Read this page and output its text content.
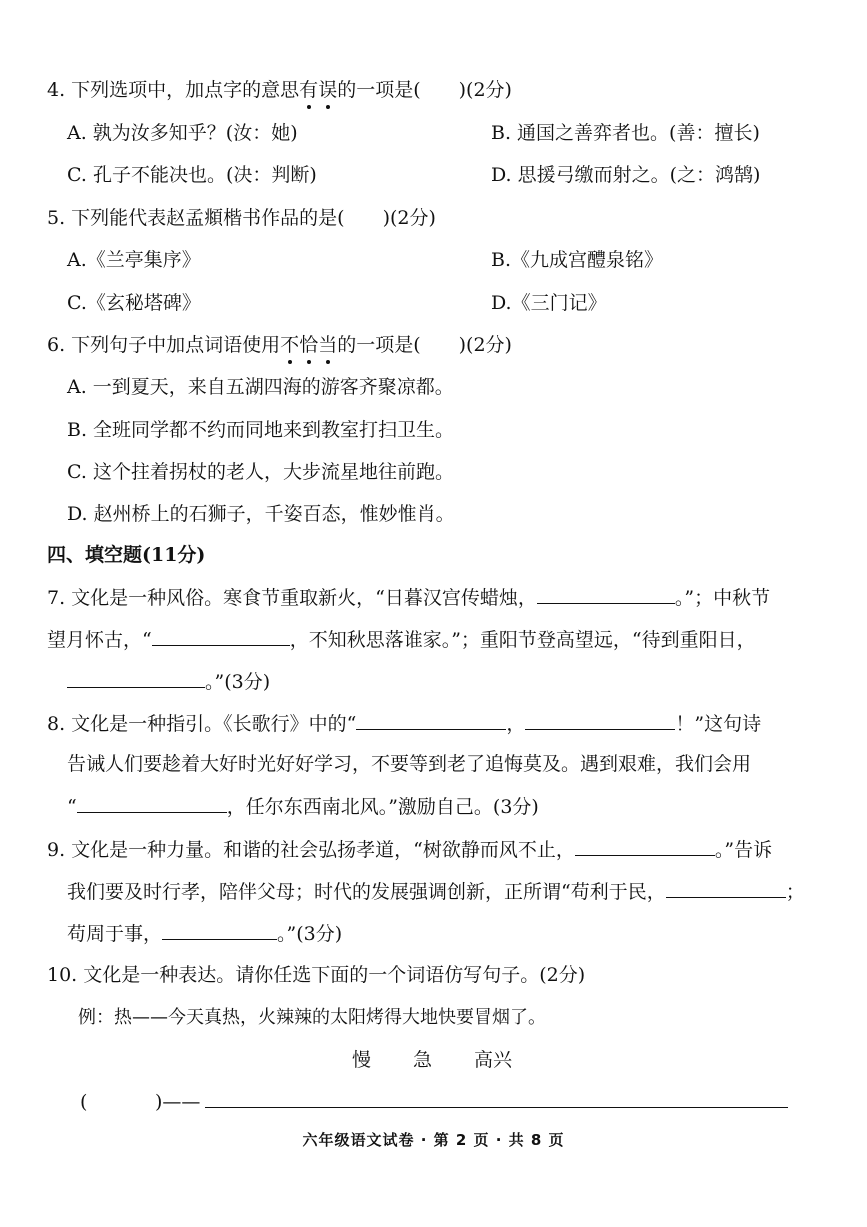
4. 下列选项中，加点字的意思有误的一项是(　　)(2分)
A. 孰为汝多知乎？(汝：她)	B. 通国之善弈者也。(善：擅长)
C. 孔子不能决也。(决：判断)	D. 思援弓缴而射之。(之：鸿鹄)
5. 下列能代表赵孟頫楷书作品的是(　　)(2分)
A.《兰亭集序》	B.《九成宫醴泉铭》
C.《玄秘塔碑》	D.《三门记》
6. 下列句子中加点词语使用不恰当的一项是(　　)(2分)
A. 一到夏天，来自五湖四海的游客齐聚凉都。
B. 全班同学都不约而同地来到教室打扫卫生。
C. 这个拄着拐杖的老人，大步流星地往前跑。
D. 赵州桥上的石狮子，千姿百态，惟妙惟肖。
四、填空题(11分)
7. 文化是一种风俗。寒食节重取新火，“日暮汉宫传蜡烛，	。”；中秋节
望月怀古，“	，不知秋思落谁家。”；重阳节登高望远，“待到重阳日，
。”(3分)
8. 文化是一种指引。《长歌行》中的“	，	！”这句诗
告诫人们要趁着大好时光好好学习，不要等到老了追悔莫及。遇到艰难，我们会用
“	，任尔东西南北风。”激励自己。(3分)
9. 文化是一种力量。和谐的社会弘扬孝道，“树欲静而风不止，	。”告诉
我们要及时行孝，陪伴父母；时代的发展强调创新，正所谓“苟利于民，	；
苟周于事，	。”(3分)
10. 文化是一种表达。请你任选下面的一个词语仿写句子。(2分)
例：热——今天真热，火辣辣的太阳烤得大地快要冒烟了。
慢 急 高兴
(	)——
六年级语文试卷 · 第 2 页 · 共 8 页
